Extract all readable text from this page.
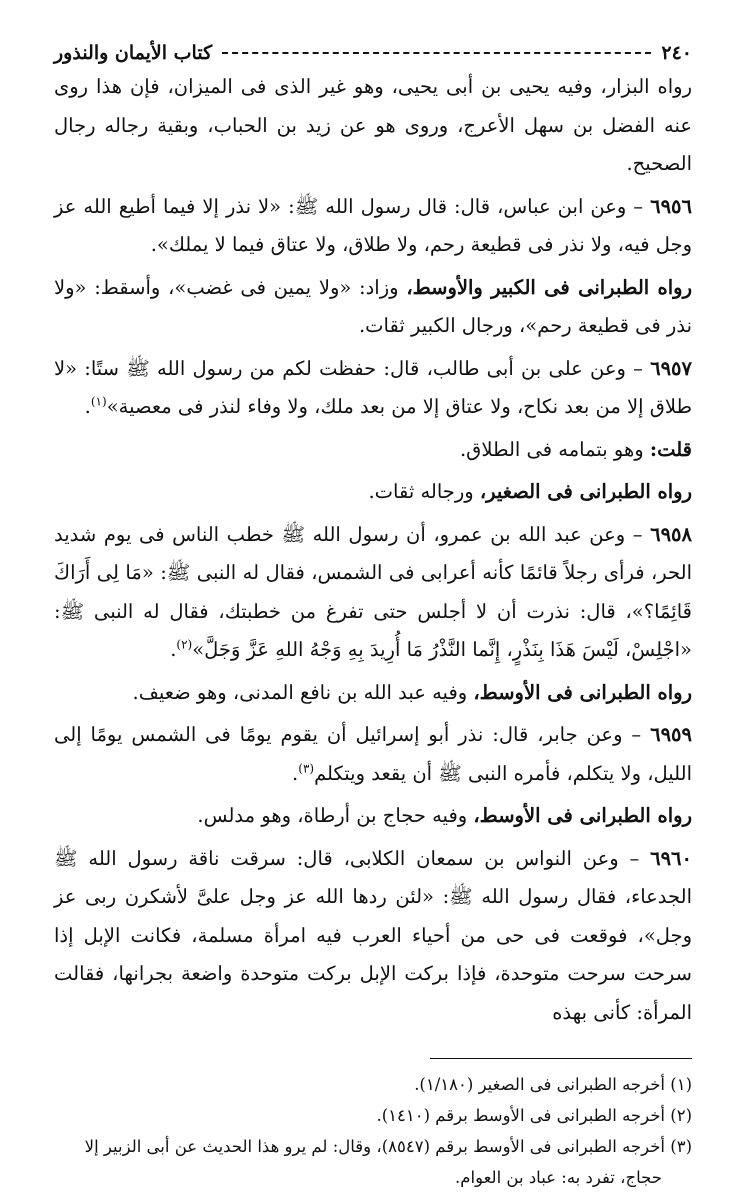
٢٤٠
كتاب الأيمان والنذور

رواه البزار، وفيه يحيى بن أبى يحيى، وهو غير الذى فى الميزان، فإن هذا روى عنه الفضل بن سهل الأعرج، وروى هو عن زيد بن الحباب، وبقية رجاله رجال الصحيح.

٦٩٥٦ – وعن ابن عباس، قال: قال رسول الله ﷺ: «لا نذر إلا فيما أطيع الله عز وجل فيه، ولا نذر فى قطيعة رحم، ولا طلاق، ولا عتاق فيما لا يملك».

رواه الطبرانى فى الكبير والأوسط، وزاد: «ولا يمين فى غضب»، وأسقط: «ولا نذر فى قطيعة رحم»، ورجال الكبير ثقات.

٦٩٥٧ – وعن على بن أبى طالب، قال: حفظت لكم من رسول الله ﷺ ستًا: «لا طلاق إلا من بعد نكاح، ولا عتاق إلا من بعد ملك، ولا وفاء لنذر فى معصية»$^{(١)}$.

قلت: وهو بتمامه فى الطلاق.

رواه الطبرانى فى الصغير، ورجاله ثقات.

٦٩٥٨ – وعن عبد الله بن عمرو، أن رسول الله ﷺ خطب الناس فى يوم شديد الحر، فرأى رجلاً قائمًا كأنه أعرابى فى الشمس، فقال له النبى ﷺ: «مَا لِى أَرَاكَ قَائِمًا؟»، قال: نذرت أن لا أجلس حتى تفرغ من خطبتك، فقال له النبى ﷺ: «اجْلِسْ، لَيْسَ هَذَا بِنَذْرٍ، إِنَّما النَّذْرُ مَا أُرِيدَ بِهِ وَجْهُ اللهِ عَزَّ وَجَلَّ»$^{(٢)}$.

رواه الطبرانى فى الأوسط، وفيه عبد الله بن نافع المدنى، وهو ضعيف.

٦٩٥٩ – وعن جابر، قال: نذر أبو إسرائيل أن يقوم يومًا فى الشمس يومًا إلى الليل، ولا يتكلم، فأمره النبى ﷺ أن يقعد ويتكلم$^{(٣)}$.

رواه الطبرانى فى الأوسط، وفيه حجاج بن أرطاة، وهو مدلس.

٦٩٦٠ – وعن النواس بن سمعان الكلابى، قال: سرقت ناقة رسول الله ﷺ الجدعاء، فقال رسول الله ﷺ: «لئن ردها الله عز وجل علىَّ لأشكرن ربى عز وجل»، فوقعت فى حى من أحياء العرب فيه امرأة مسلمة، فكانت الإبل إذا سرحت سرحت متوحدة، فإذا بركت الإبل بركت متوحدة واضعة بجرانها، فقالت المرأة: كأنى بهذه

(١) أخرجه الطبرانى فى الصغير (١/١٨٠).

(٢) أخرجه الطبرانى فى الأوسط برقم (١٤١٠).

(٣) أخرجه الطبرانى فى الأوسط برقم (٨٥٤٧)، وقال: لم يرو هذا الحديث عن أبى الزبير إلا

حجاج، تفرد به: عباد بن العوام.
